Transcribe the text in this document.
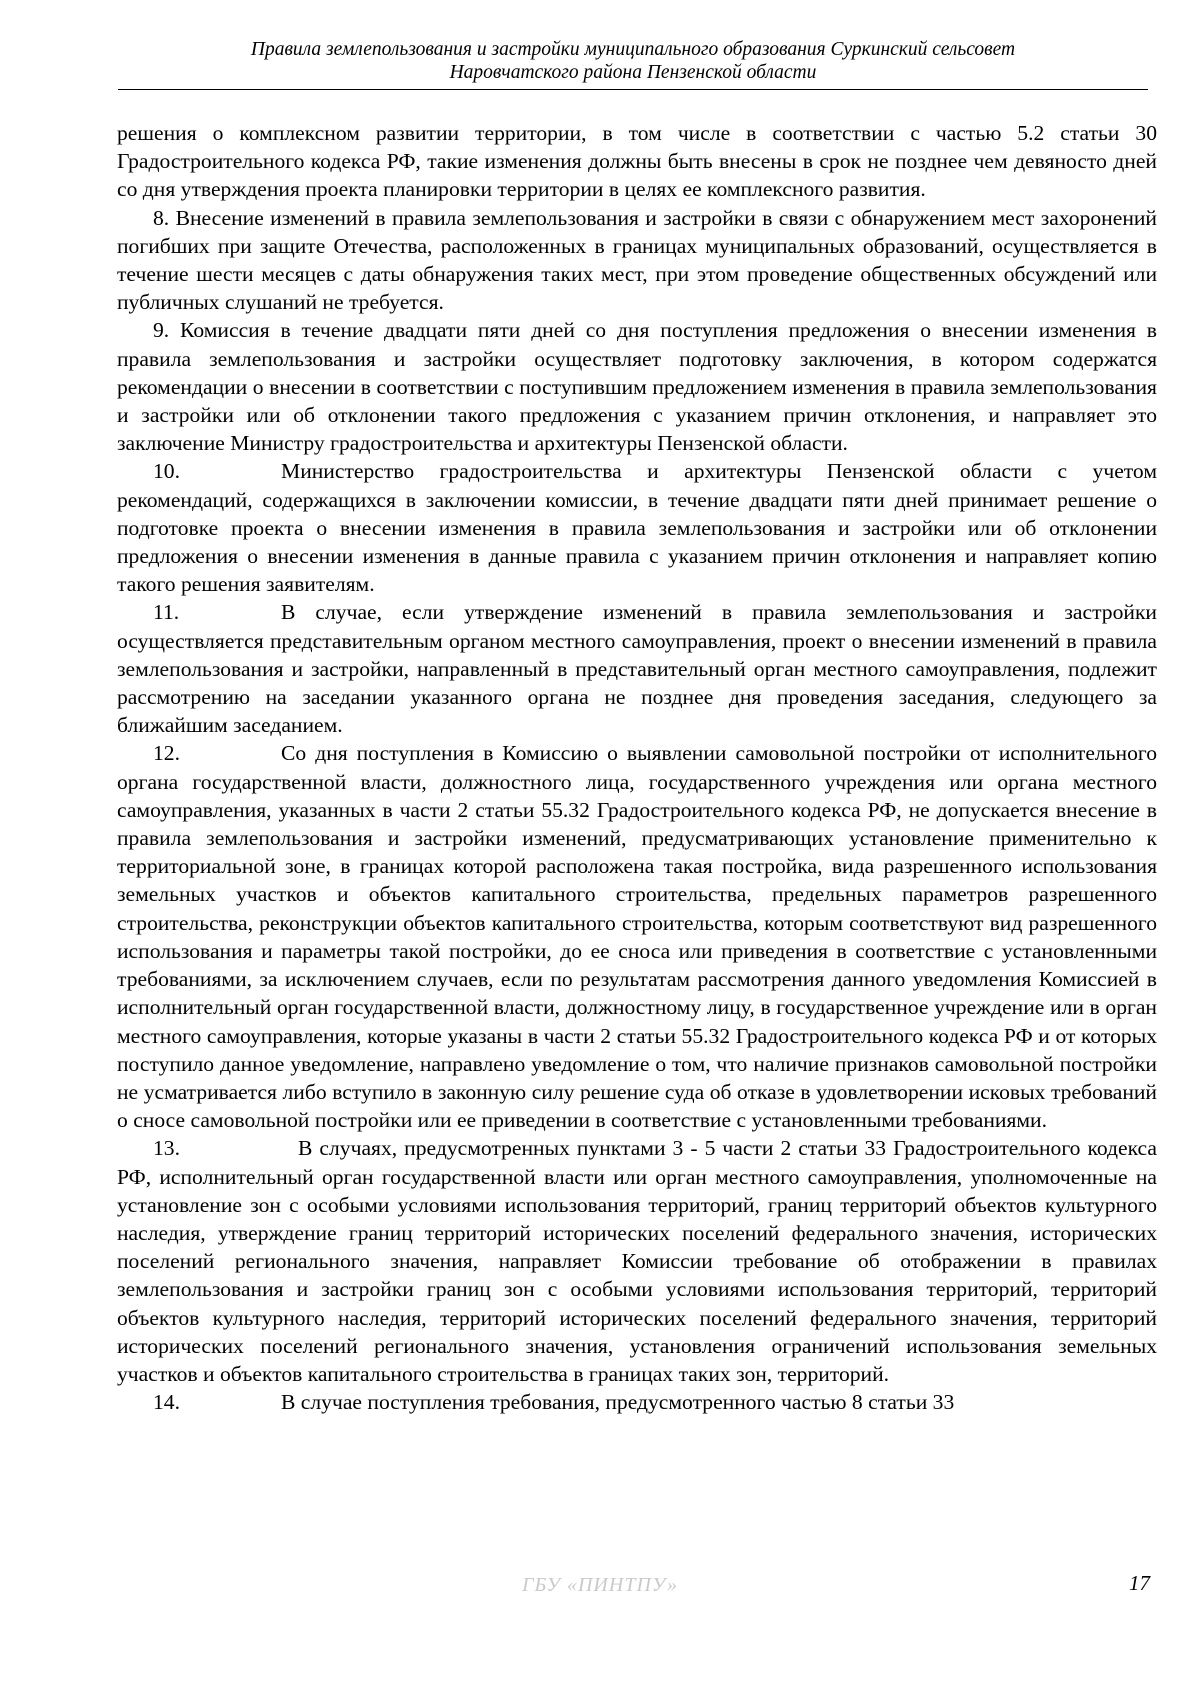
Правила землепользования и застройки муниципального образования Суркинский сельсовет
Наровчатского района Пензенской области

решения о комплексном развитии территории, в том числе в соответствии с частью 5.2 статьи 30 Градостроительного кодекса РФ, такие изменения должны быть внесены в срок не позднее чем девяносто дней со дня утверждения проекта планировки территории в целях ее комплексного развития.

8. Внесение изменений в правила землепользования и застройки в связи с обнаружением мест захоронений погибших при защите Отечества, расположенных в границах муниципальных образований, осуществляется в течение шести месяцев с даты обнаружения таких мест, при этом проведение общественных обсуждений или публичных слушаний не требуется.

9. Комиссия в течение двадцати пяти дней со дня поступления предложения о внесении изменения в правила землепользования и застройки осуществляет подготовку заключения, в котором содержатся рекомендации о внесении в соответствии с поступившим предложением изменения в правила землепользования и застройки или об отклонении такого предложения с указанием причин отклонения, и направляет это заключение Министру градостроительства и архитектуры Пензенской области.

10.	Министерство градостроительства и архитектуры Пензенской области с учетом рекомендаций, содержащихся в заключении комиссии, в течение двадцати пяти дней принимает решение о подготовке проекта о внесении изменения в правила землепользования и застройки или об отклонении предложения о внесении изменения в данные правила с указанием причин отклонения и направляет копию такого решения заявителям.

11.	В случае, если утверждение изменений в правила землепользования и застройки осуществляется представительным органом местного самоуправления, проект о внесении изменений в правила землепользования и застройки, направленный в представительный орган местного самоуправления, подлежит рассмотрению на заседании указанного органа не позднее дня проведения заседания, следующего за ближайшим заседанием.

12.	Со дня поступления в Комиссию о выявлении самовольной постройки от исполнительного органа государственной власти, должностного лица, государственного учреждения или органа местного самоуправления, указанных в части 2 статьи 55.32 Градостроительного кодекса РФ, не допускается внесение в правила землепользования и застройки изменений, предусматривающих установление применительно к территориальной зоне, в границах которой расположена такая постройка, вида разрешенного использования земельных участков и объектов капитального строительства, предельных параметров разрешенного строительства, реконструкции объектов капитального строительства, которым соответствуют вид разрешенного использования и параметры такой постройки, до ее сноса или приведения в соответствие с установленными требованиями, за исключением случаев, если по результатам рассмотрения данного уведомления Комиссией в исполнительный орган государственной власти, должностному лицу, в государственное учреждение или в орган местного самоуправления, которые указаны в части 2 статьи 55.32 Градостроительного кодекса РФ и от которых поступило данное уведомление, направлено уведомление о том, что наличие признаков самовольной постройки не усматривается либо вступило в законную силу решение суда об отказе в удовлетворении исковых требований о сносе самовольной постройки или ее приведении в соответствие с установленными требованиями.

13.	В случаях, предусмотренных пунктами 3 - 5 части 2 статьи 33 Градостроительного кодекса РФ, исполнительный орган государственной власти или орган местного самоуправления, уполномоченные на установление зон с особыми условиями использования территорий, границ территорий объектов культурного наследия, утверждение границ территорий исторических поселений федерального значения, исторических поселений регионального значения, направляет Комиссии требование об отображении в правилах землепользования и застройки границ зон с особыми условиями использования территорий, территорий объектов культурного наследия, территорий исторических поселений федерального значения, территорий исторических поселений регионального значения, установления ограничений использования земельных участков и объектов капитального строительства в границах таких зон, территорий.

14.	В случае поступления требования, предусмотренного частью 8 статьи 33

ГБУ «ПИНТПУ»	17
